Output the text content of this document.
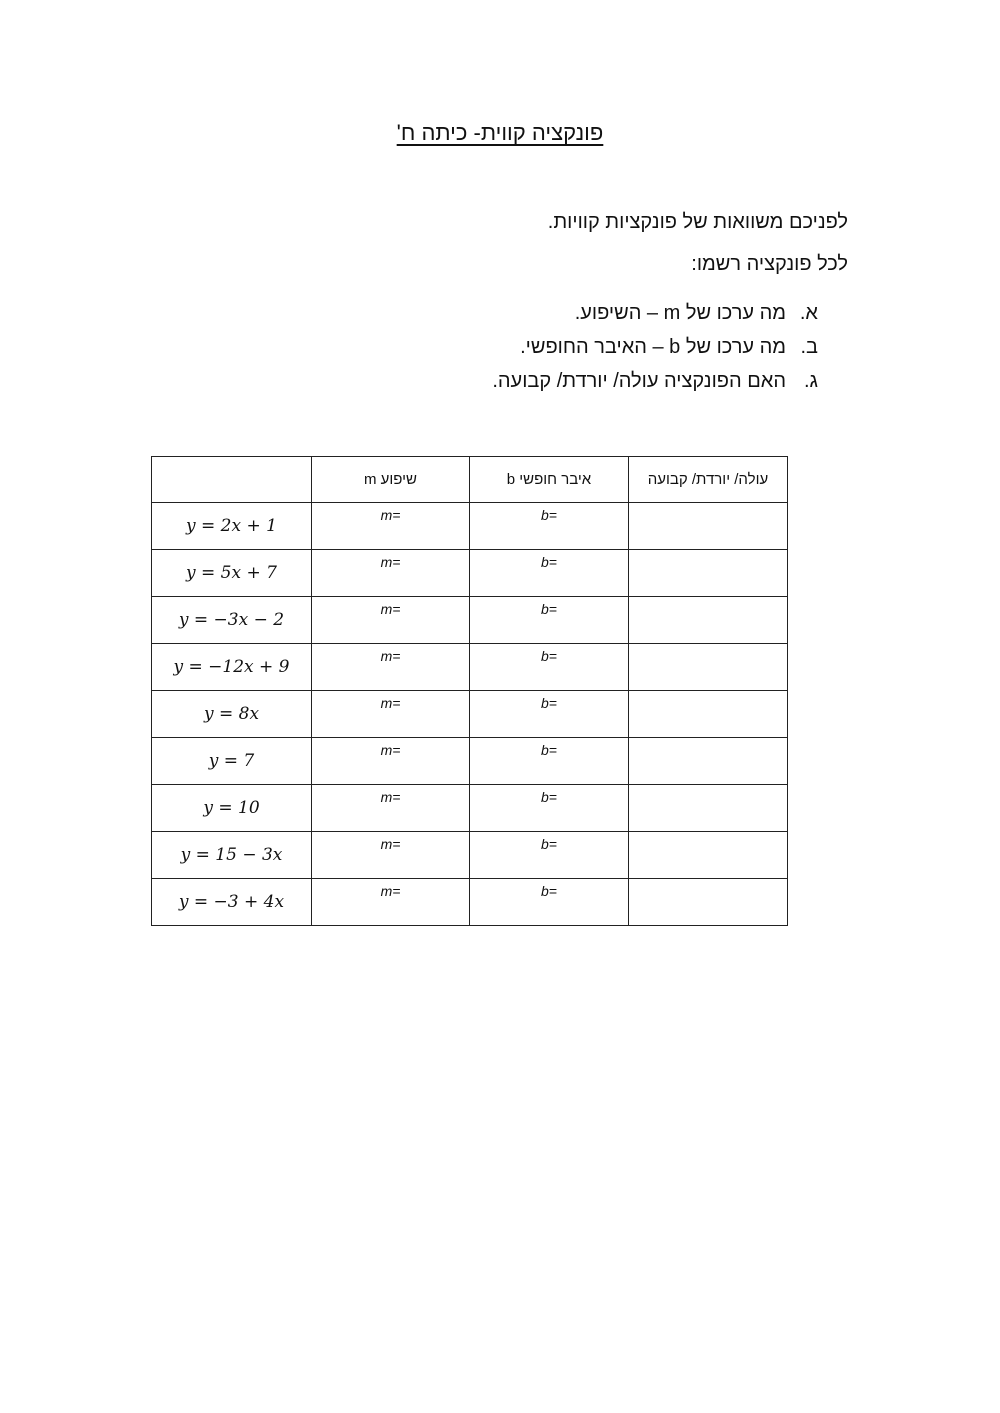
פונקציה קווית- כיתה ח'

לפניכם משוואות של פונקציות קוויות.

לכל פונקציה רשמו:

א.
מה ערכו של m – השיפוע.
ב.
מה ערכו של b – האיבר החופשי.
ג.
האם הפונקציה עולה/ יורדת/ קבועה.
	שיפוע m	איבר חופשי b	עולה/ יורדת/ קבועה
y = 2x + 1	m=	b=	
y = 5x + 7	m=	b=	
y = −3x − 2	m=	b=	
y = −12x + 9	m=	b=	
y = 8x	m=	b=	
y = 7	m=	b=	
y = 10	m=	b=	
y = 15 − 3x	m=	b=	
y = −3 + 4x	m=	b=	
